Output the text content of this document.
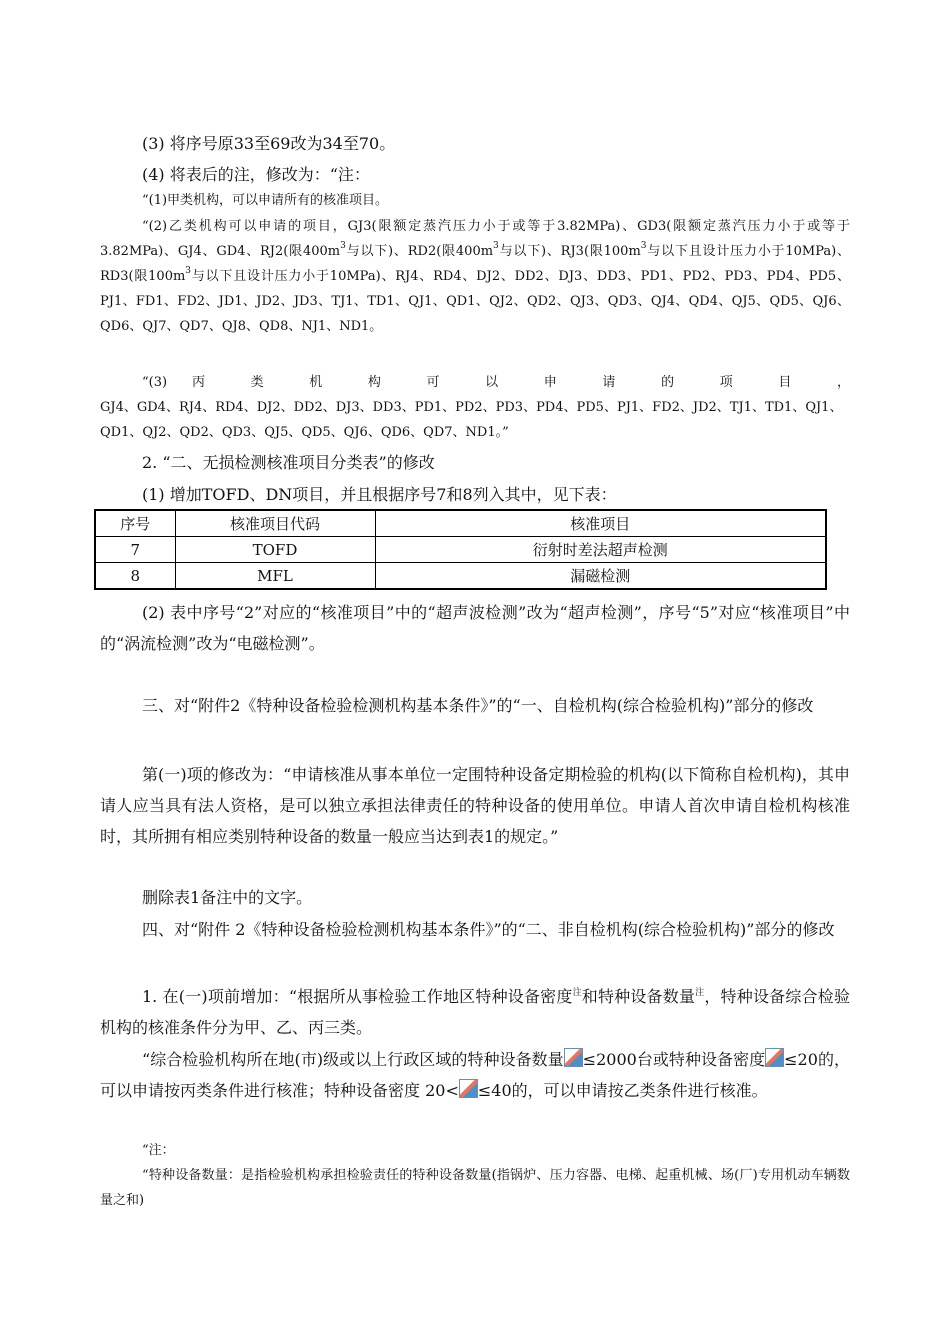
(3) 将序号原33至69改为34至70。
(4) 将表后的注，修改为：“注：
“(1)甲类机构，可以申请所有的核准项目。
“(2)乙类机构可以申请的项目，GJ3(限额定蒸汽压力小于或等于3.82MPa)、GD3(限额定蒸汽压力小于或等于3.82MPa)、GJ4、GD4、RJ2(限$400m^3$与以下)、RD2(限$400m^3$与以下)、RJ3(限$100m^3$与以下且设计压力小于10MPa)、RD3(限$100m^3$与以下且设计压力小于10MPa)、RJ4、RD4、DJ2、DD2、DJ3、DD3、PD1、PD2、PD3、PD4、PD5、PJ1、FD1、FD2、JD1、JD2、JD3、TJ1、TD1、QJ1、QD1、QJ2、QD2、QJ3、QD3、QJ4、QD4、QJ5、QD5、QJ6、QD6、QJ7、QD7、QJ8、QD8、NJ1、ND1。
“(3) 丙 类 机 构 可 以 申 请 的 项 目 ，
GJ4、GD4、RJ4、RD4、DJ2、DD2、DJ3、DD3、PD1、PD2、PD3、PD4、PD5、PJ1、FD2、JD2、TJ1、TD1、QJ1、QD1、QJ2、QD2、QD3、QJ5、QD5、QJ6、QD6、QD7、ND1。”
2. “二、无损检测核准项目分类表”的修改
(1) 增加TOFD、DN项目，并且根据序号7和8列入其中，见下表：
序号	核准项目代码	核准项目
7	TOFD	衍射时差法超声检测
8	MFL	漏磁检测
(2) 表中序号“2”对应的“核准项目”中的“超声波检测”改为“超声检测”，序号“5”对应“核准项目”中的“涡流检测”改为“电磁检测”。
三、对“附件2《特种设备检验检测机构基本条件》”的“一、自检机构(综合检验机构)”部分的修改
第(一)项的修改为：“申请核准从事本单位一定围特种设备定期检验的机构(以下简称自检机构)，其申请人应当具有法人资格，是可以独立承担法律责任的特种设备的使用单位。申请人首次申请自检机构核准时，其所拥有相应类别特种设备的数量一般应当达到表1的规定。”
删除表1备注中的文字。
四、对“附件 2《特种设备检验检测机构基本条件》”的“二、非自检机构(综合检验机构)”部分的修改
1. 在(一)项前增加：“根据所从事检验工作地区特种设备密度$^注$和特种设备数量$^注$，特种设备综合检验机构的核准条件分为甲、乙、丙三类。
“综合检验机构所在地(市)级或以上行政区域的特种设备数量 ≤2000台或特种设备密度 ≤20的，可以申请按丙类条件进行核准；特种设备密度 20< ≤40的，可以申请按乙类条件进行核准。
“注：
“特种设备数量：是指检验机构承担检验责任的特种设备数量(指锅炉、压力容器、电梯、起重机械、场(厂)专用机动车辆数量之和)
